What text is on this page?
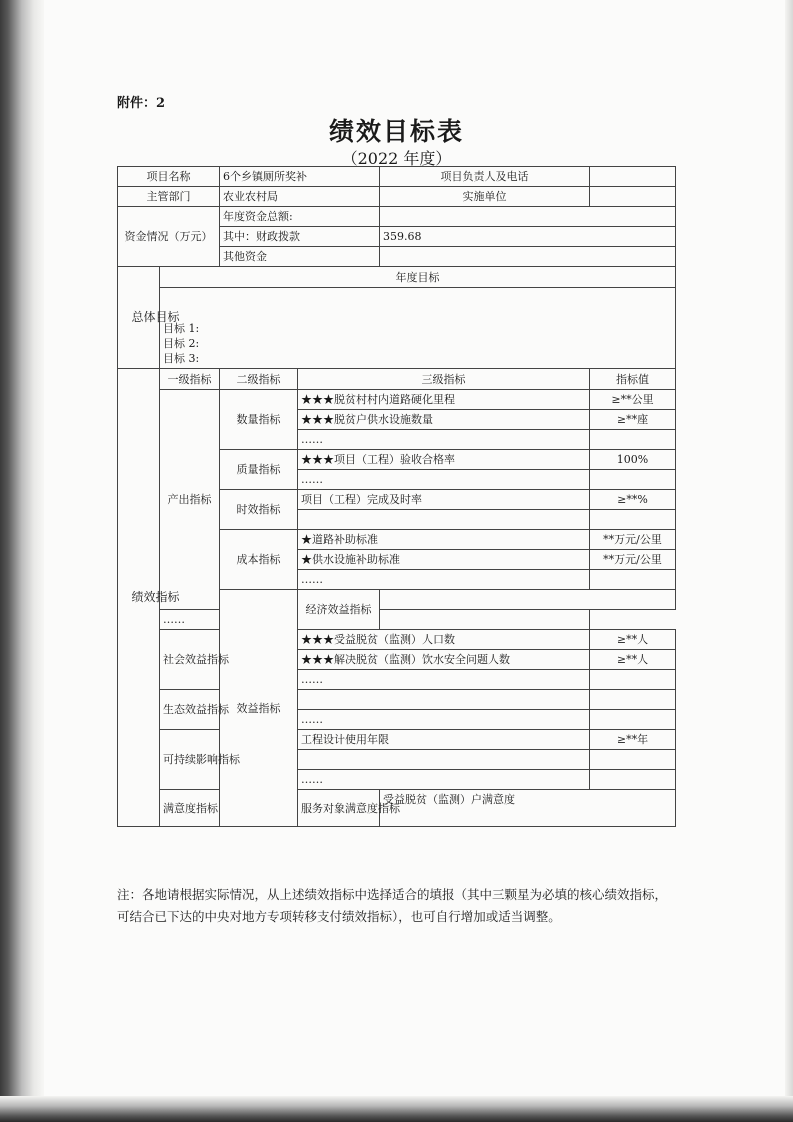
附件：2
绩效目标表
（2022 年度）
项目名称		6个乡镇厕所奖补		项目负责人及电话		
主管部门		农业农村局		实施单位		
资金情况（万元）		年度资金总额:				
		其中：财政拨款		359.68		
		其他资金				

总体目标	年度目标					

	目标 1:
目标 2:
目标 3:					

绩效指标	一级指标	二级指标	三级指标		指标值	
	产出指标	数量指标	★★★脱贫村村内道路硬化里程		≥**公里	
			★★★脱贫户供水设施数量		≥**座	
			……			
		质量指标	★★★项目（工程）验收合格率		100%	
			……			
		时效指标	项目（工程）完成及时率		≥**%	

		成本指标	★道路补助标准		**万元/公里	
			★供水设施补助标准		**万元/公里	
			……			
		效益指标	经济效益指标			
	……					
	社会效益指标		★★★受益脱贫（监测）人口数		≥**人	
			★★★解决脱贫（监测）饮水安全问题人数		≥**人	
			……			
	生态效益指标					
			……			
	可持续影响指标		工程设计使用年限		≥**年	

			……			
	满意度指标		服务对象满意度指标	受益脱贫（监测）户满意度	
注：各地请根据实际情况，从上述绩效指标中选择适合的填报（其中三颗星为必填的核心绩效指标，可结合已下达的中央对地方专项转移支付绩效指标），也可自行增加或适当调整。
